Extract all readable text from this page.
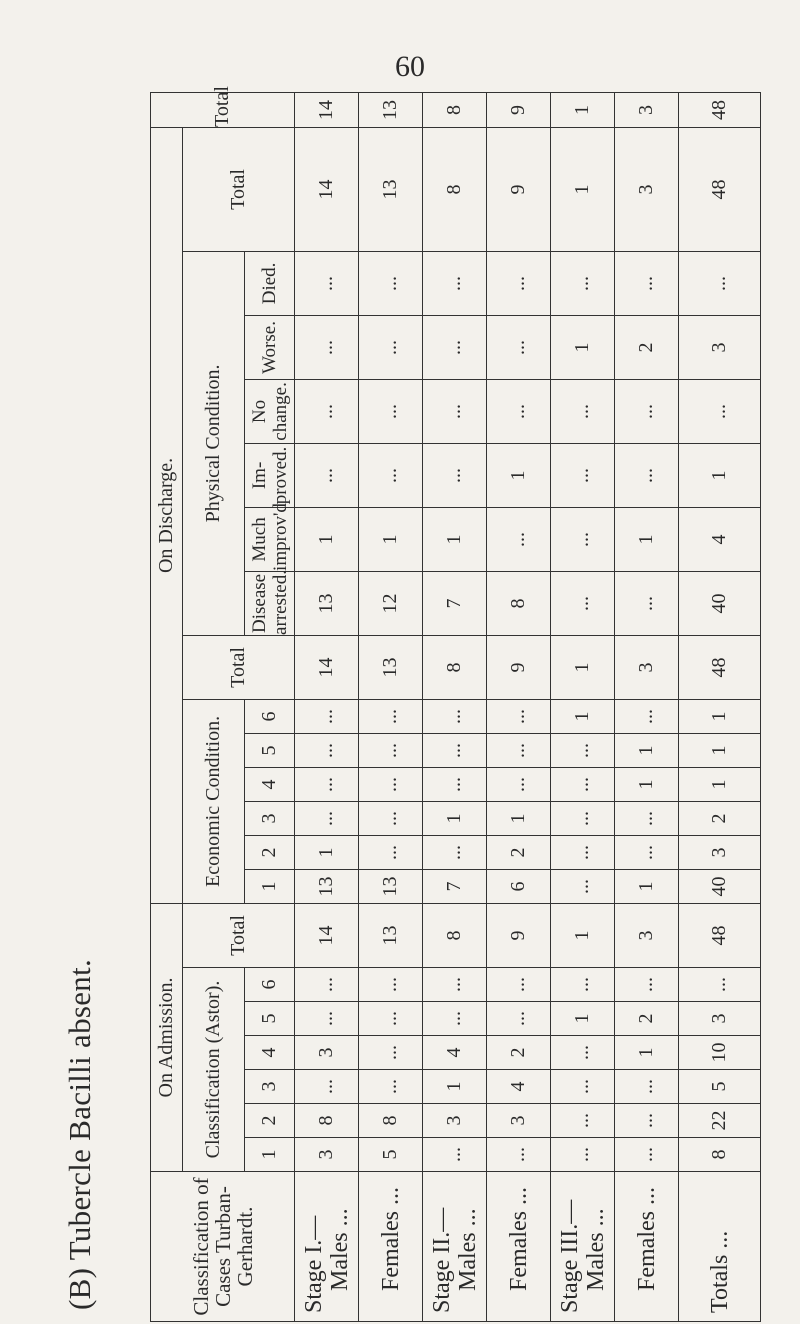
60
(B) Tubercle Bacilli absent.	Classification of Cases Turban-Gerhardt.	On Admission.							On Discharge.														Total
	Classification (Astor).						Total	Economic Condition.						Total	Physical Condition.						Total	
	1	2	3	4	5	6		1	2	3	4	5	6		Disease arrested.	Much improv'd	Im- proved.	No change.	Worse.	Died.		

Stage I.— Males ...	3	8	...	3	...	...	14	13	1	...	...	...	...	14	13	1	...	...	...	...	14	14

Females ...	5	8	...	...	...	...	13	13	...	...	...	...	...	13	12	1	...	...	...	...	13	13

Stage II.— Males ...	...	3	1	4	...	...	8	7	...	1	...	...	...	8	7	1	...	...	...	...	8	8

Females ...	...	3	4	2	...	...	9	6	2	1	...	...	...	9	8	...	1	...	...	...	9	9

Stage III.— Males ...	...	...	...	...	1	...	1	...	...	...	...	...	1	1	...	...	...	...	1	...	1	1

Females ...	...	...	...	1	2	...	3	1	...	...	1	1	...	3	...	1	...	...	2	...	3	3
Totals ...	8	22	5	10	3	...	48	40	3	2	1	1	1	48	40	4	1	...	3	...	48	48
